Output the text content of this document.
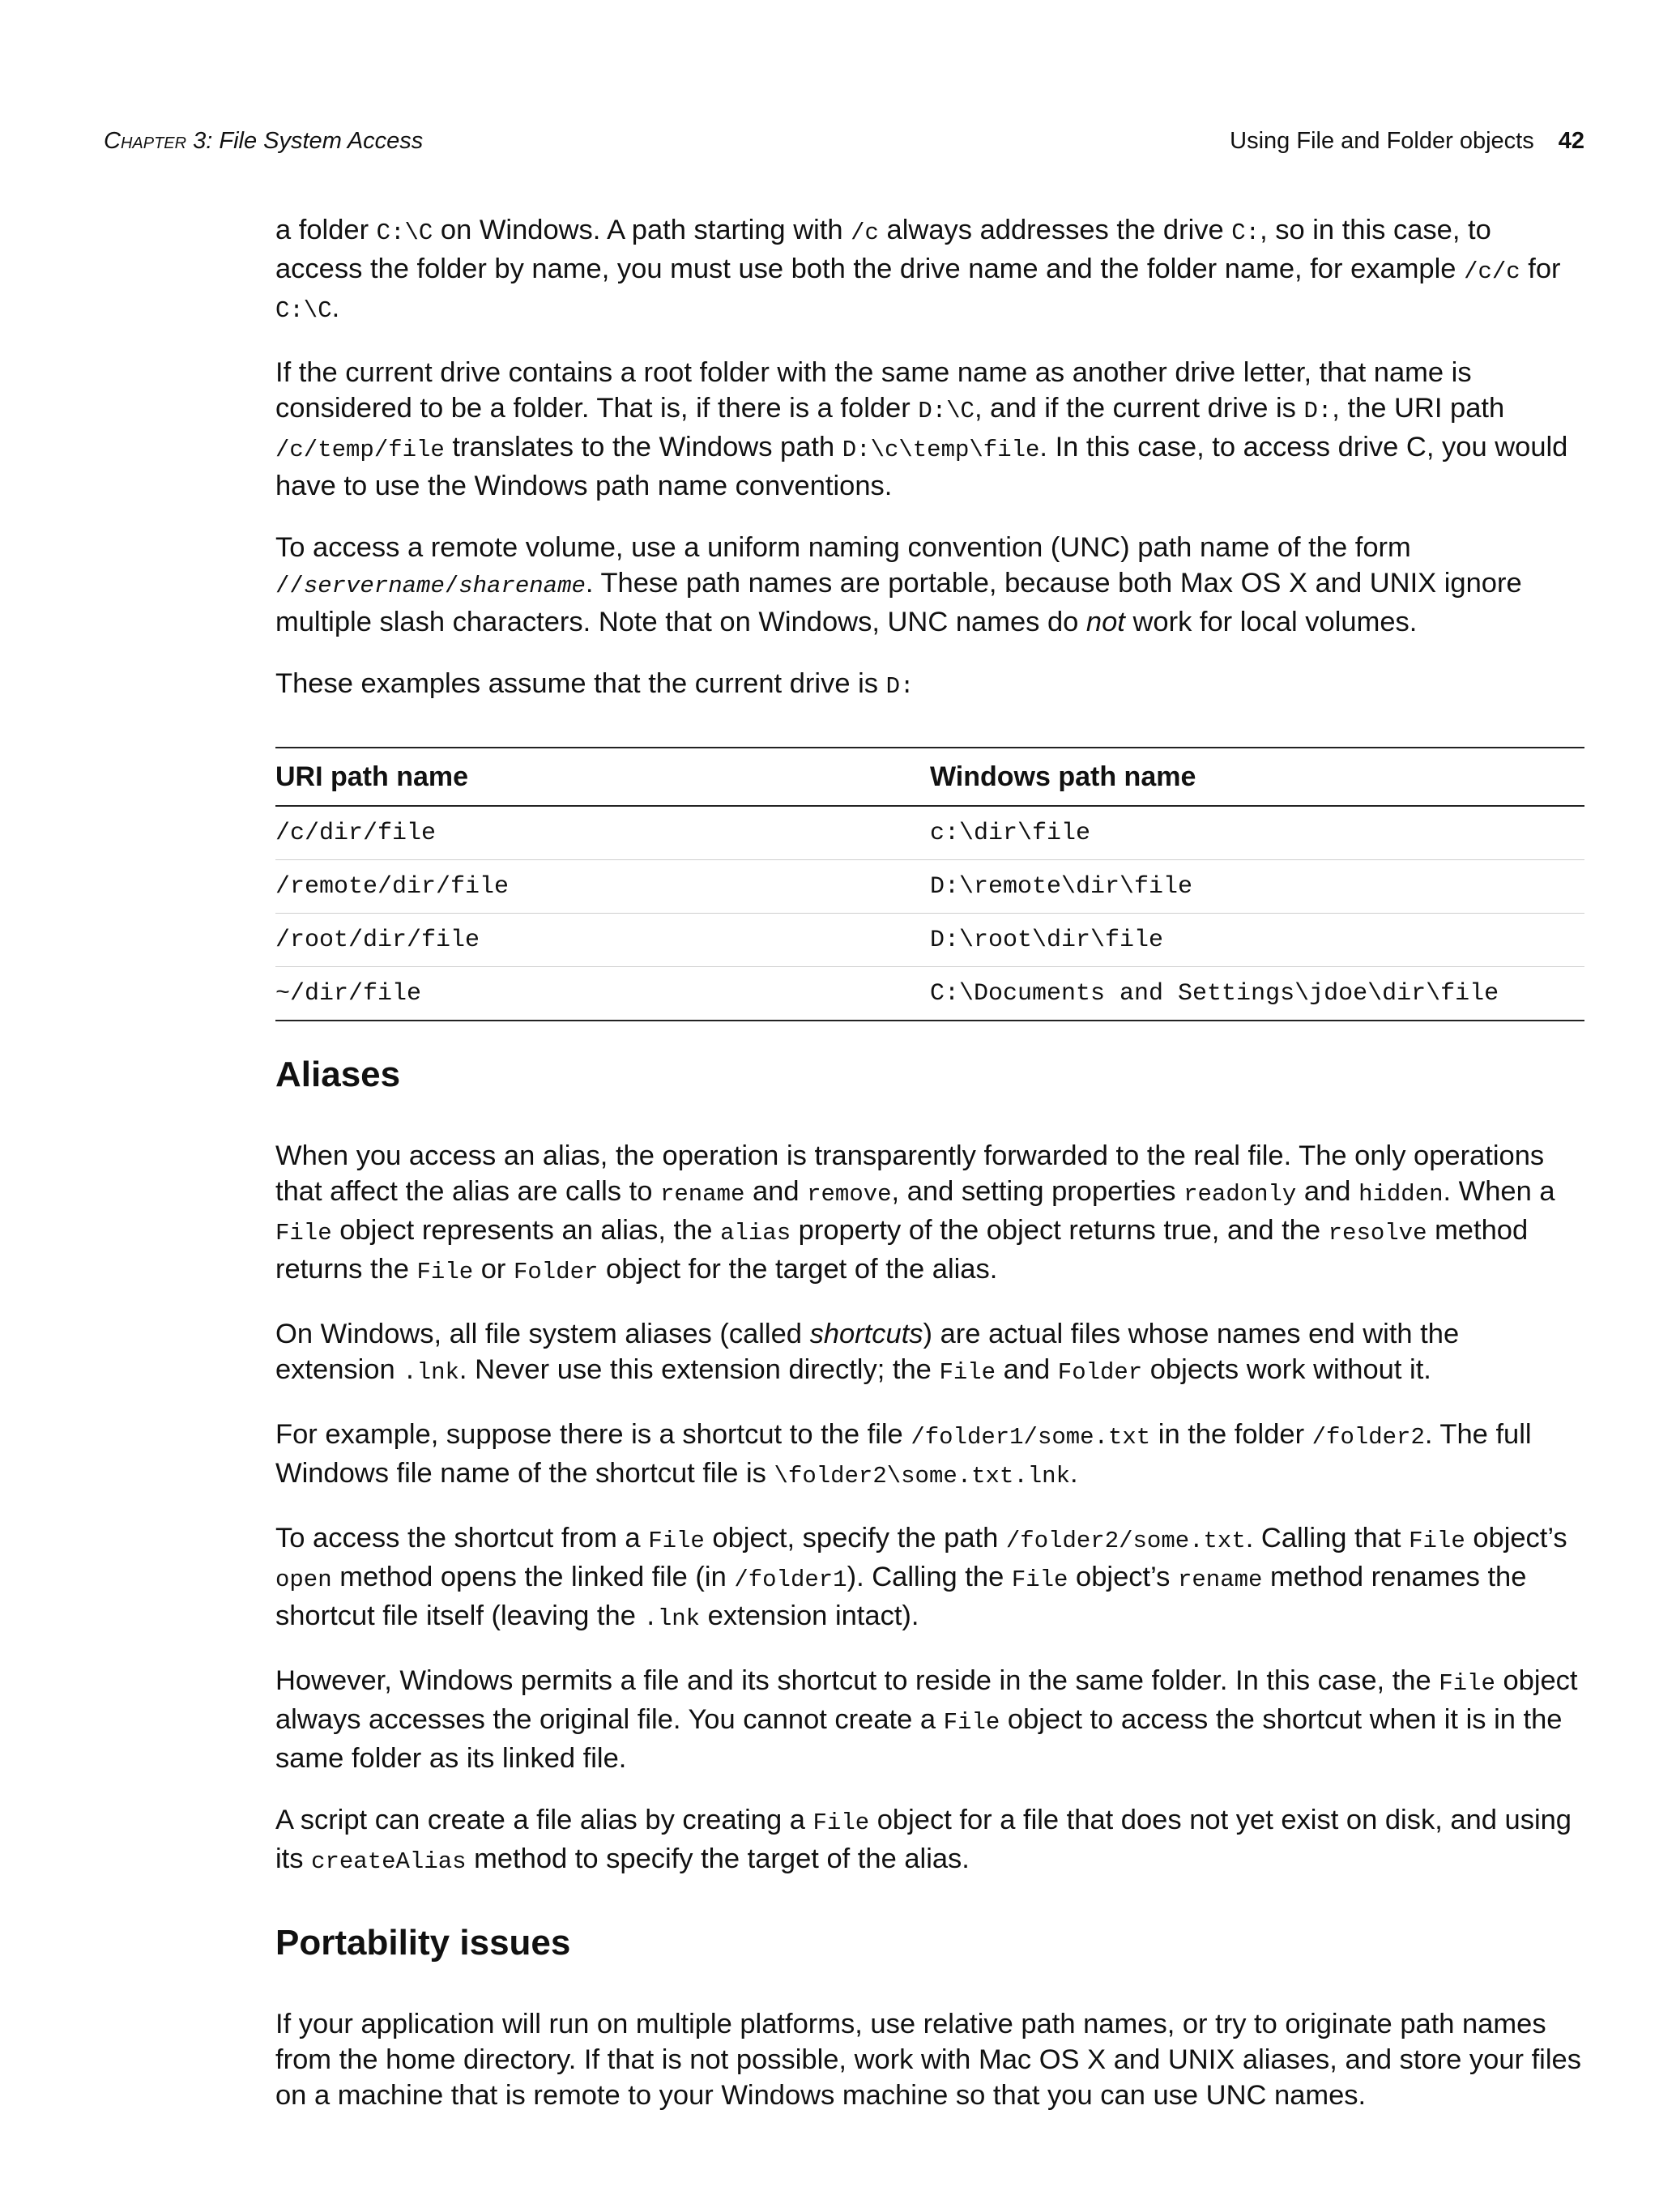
Chapter 3: File System Access	Using File and Folder objects 42

a folder C:\C on Windows. A path starting with /c always addresses the drive C:, so in this case, to access the folder by name, you must use both the drive name and the folder name, for example /c/c for C:\C.

If the current drive contains a root folder with the same name as another drive letter, that name is considered to be a folder. That is, if there is a folder D:\C, and if the current drive is D:, the URI path /c/temp/file translates to the Windows path D:\c\temp\file. In this case, to access drive C, you would have to use the Windows path name conventions.

To access a remote volume, use a uniform naming convention (UNC) path name of the form //servername/sharename. These path names are portable, because both Max OS X and UNIX ignore multiple slash characters. Note that on Windows, UNC names do not work for local volumes.

These examples assume that the current drive is D:

URI path name	Windows path name
/c/dir/file	c:\dir\file
/remote/dir/file	D:\remote\dir\file
/root/dir/file	D:\root\dir\file
~/dir/file	C:\Documents and Settings\jdoe\dir\file
Aliases

When you access an alias, the operation is transparently forwarded to the real file. The only operations that affect the alias are calls to rename and remove, and setting properties readonly and hidden. When a File object represents an alias, the alias property of the object returns true, and the resolve method returns the File or Folder object for the target of the alias.

On Windows, all file system aliases (called shortcuts) are actual files whose names end with the extension .lnk. Never use this extension directly; the File and Folder objects work without it.

For example, suppose there is a shortcut to the file /folder1/some.txt in the folder /folder2. The full Windows file name of the shortcut file is \folder2\some.txt.lnk.

To access the shortcut from a File object, specify the path /folder2/some.txt. Calling that File object’s open method opens the linked file (in /folder1). Calling the File object’s rename method renames the shortcut file itself (leaving the .lnk extension intact).

However, Windows permits a file and its shortcut to reside in the same folder. In this case, the File object always accesses the original file. You cannot create a File object to access the shortcut when it is in the same folder as its linked file.

A script can create a file alias by creating a File object for a file that does not yet exist on disk, and using its createAlias method to specify the target of the alias.

Portability issues

If your application will run on multiple platforms, use relative path names, or try to originate path names from the home directory. If that is not possible, work with Mac OS X and UNIX aliases, and store your files on a machine that is remote to your Windows machine so that you can use UNC names.
